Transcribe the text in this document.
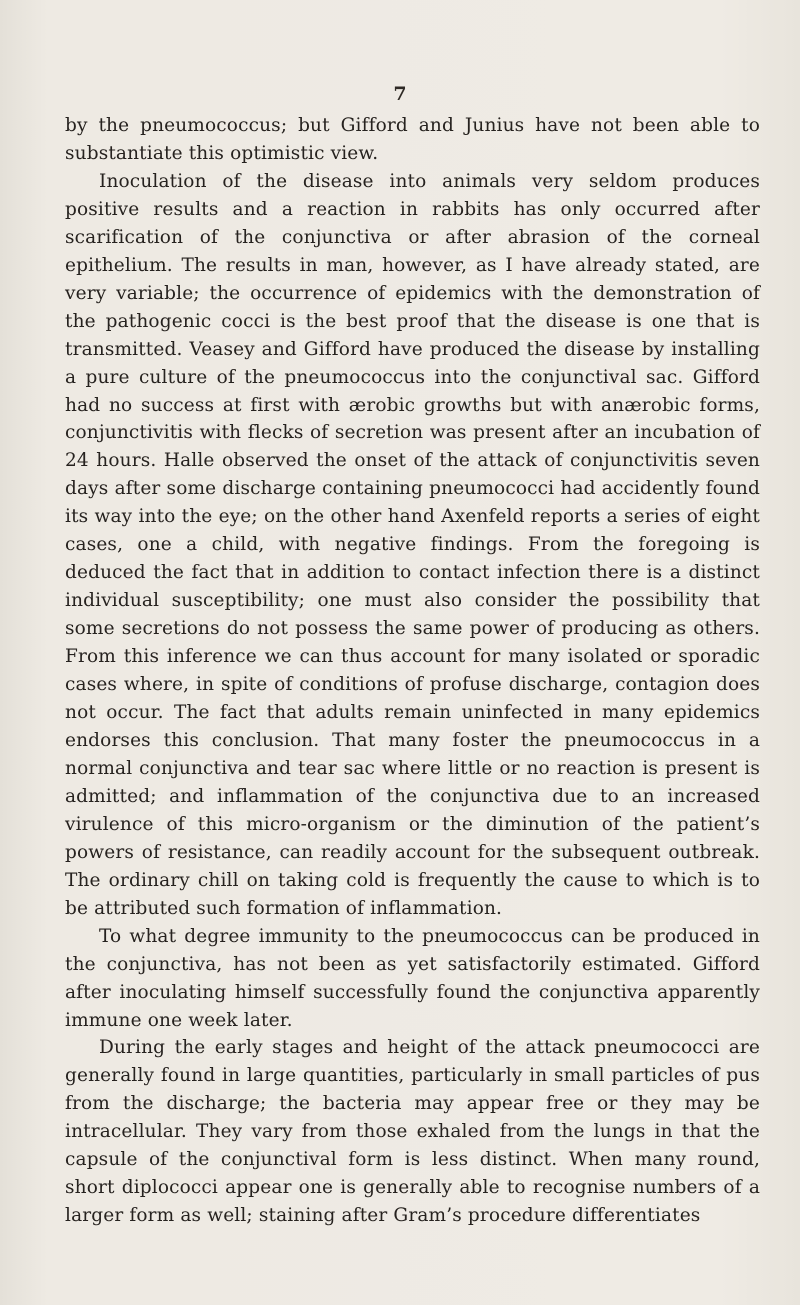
7

by the pneumococcus; but Gifford and Junius have not been able to substantiate this optimistic view.

Inoculation of the disease into animals very seldom produces positive results and a reaction in rabbits has only occurred after scarification of the conjunctiva or after abrasion of the corneal epithelium. The results in man, however, as I have already stated, are very variable; the occurrence of epidemics with the demonstration of the pathogenic cocci is the best proof that the disease is one that is transmitted. Veasey and Gifford have produced the disease by installing a pure culture of the pneumococcus into the conjunctival sac. Gifford had no success at first with ærobic growths but with anærobic forms, conjunctivitis with flecks of secretion was present after an incubation of 24 hours. Halle observed the onset of the attack of conjunctivitis seven days after some discharge containing pneumococci had accidently found its way into the eye; on the other hand Axenfeld reports a series of eight cases, one a child, with negative findings. From the foregoing is deduced the fact that in addition to contact infection there is a distinct individual susceptibility; one must also consider the possibility that some secretions do not possess the same power of producing as others. From this inference we can thus account for many isolated or sporadic cases where, in spite of conditions of profuse discharge, contagion does not occur. The fact that adults remain uninfected in many epidemics endorses this conclusion. That many foster the pneumococcus in a normal conjunctiva and tear sac where little or no reaction is present is admitted; and inflammation of the conjunctiva due to an increased virulence of this micro-organism or the diminution of the patient’s powers of resistance, can readily account for the subsequent outbreak. The ordinary chill on taking cold is frequently the cause to which is to be attributed such formation of inflammation.

To what degree immunity to the pneumococcus can be produced in the conjunctiva, has not been as yet satisfactorily estimated. Gifford after inoculating himself successfully found the conjunctiva apparently immune one week later.

During the early stages and height of the attack pneumococci are generally found in large quantities, particularly in small particles of pus from the discharge; the bacteria may appear free or they may be intracellular. They vary from those exhaled from the lungs in that the capsule of the conjunctival form is less distinct. When many round, short diplococci appear one is generally able to recognise numbers of a larger form as well; staining after Gram’s procedure differentiates
